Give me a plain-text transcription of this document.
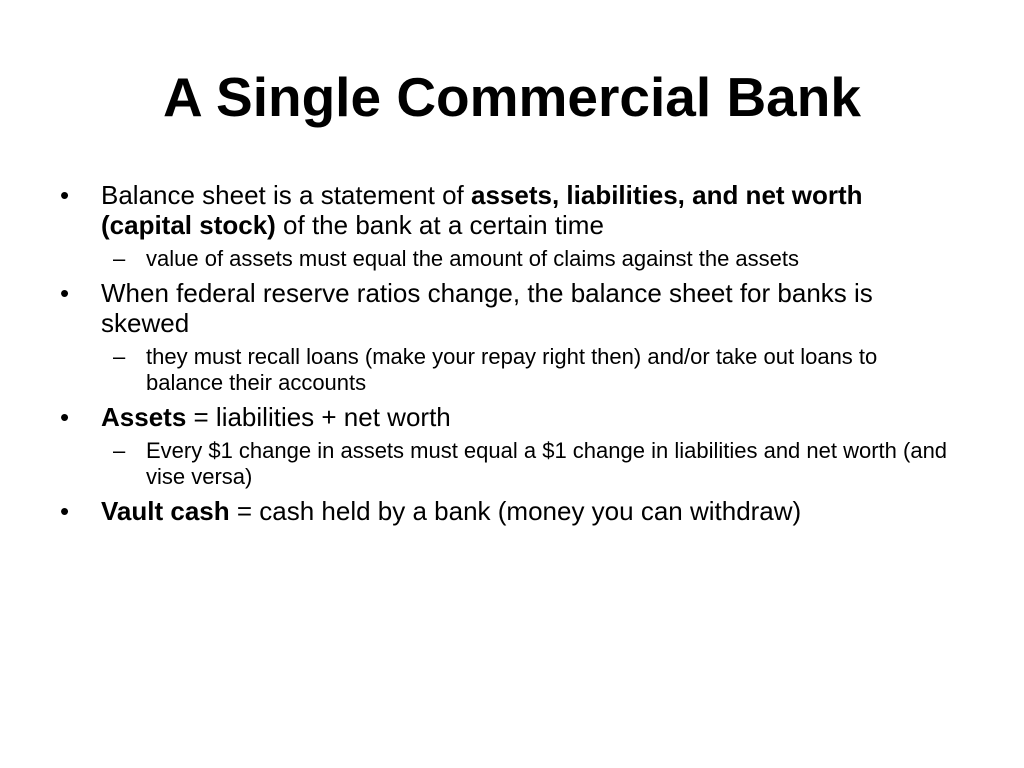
A Single Commercial Bank
• Balance sheet is a statement of assets, liabilities, and net worth (capital stock) of the bank at a certain time
– value of assets must equal the amount of claims against the assets
• When federal reserve ratios change, the balance sheet for banks is skewed
– they must recall loans (make your repay right then) and/or take out loans to balance their accounts
• Assets = liabilities + net worth
– Every $1 change in assets must equal a $1 change in liabilities and net worth (and vise versa)
• Vault cash = cash held by a bank (money you can withdraw)
